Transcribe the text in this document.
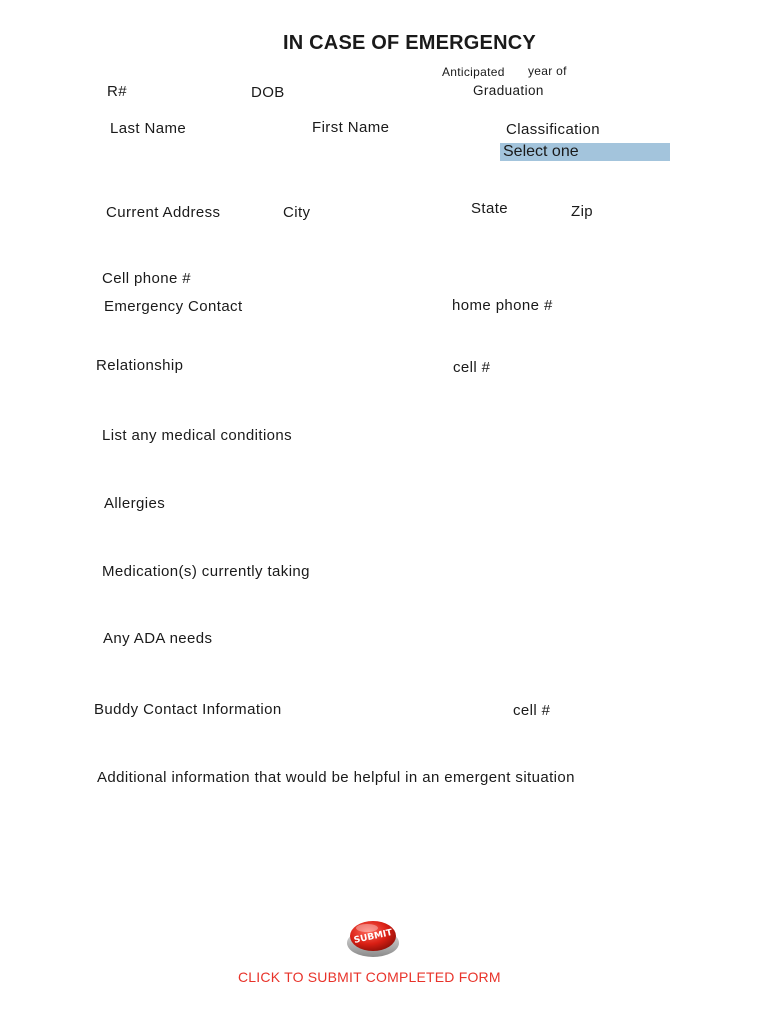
IN CASE OF EMERGENCY
R#	DOB
Anticipated year of
Graduation
Last Name	First Name	Classification
Select one
Current Address	City	State	Zip
Cell phone #
Emergency Contact	home phone #
Relationship	cell #
List any medical conditions
Allergies
Medication(s) currently taking
Any ADA needs
Buddy Contact Information	cell #
Additional information that would be helpful in an emergent situation
SUBMIT
CLICK TO SUBMIT COMPLETED FORM
